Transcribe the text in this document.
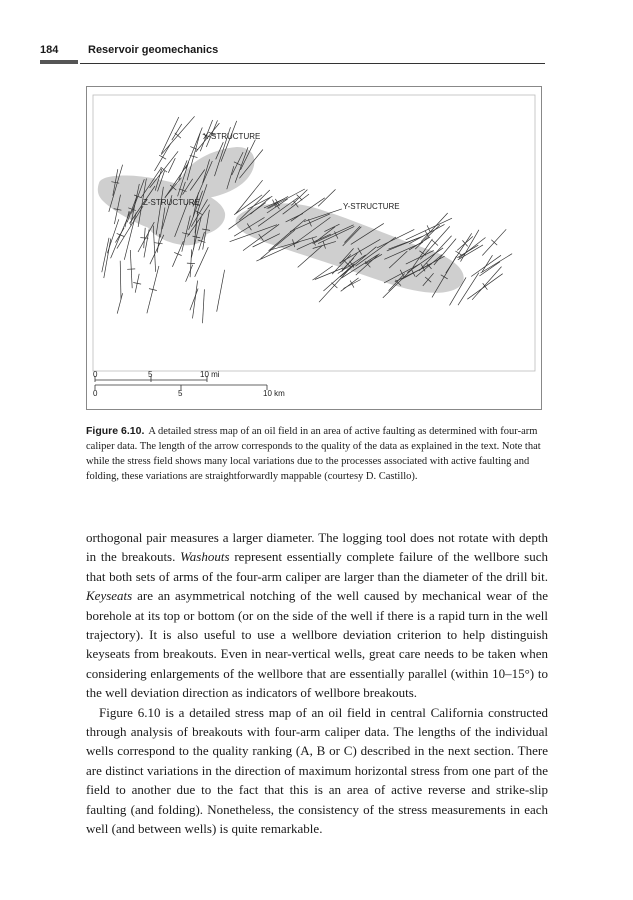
184	Reservoir geomechanics
X-STRUCTURE
Z-STRUCTURE	Y-STRUCTURE
0	5	10 mi
0	5	10 km
Figure 6.10. A detailed stress map of an oil field in an area of active faulting as determined with four-arm caliper data. The length of the arrow corresponds to the quality of the data as explained in the text. Note that while the stress field shows many local variations due to the processes associated with active faulting and folding, these variations are straightforwardly mappable (courtesy D. Castillo).

orthogonal pair measures a larger diameter. The logging tool does not rotate with depth in the breakouts. Washouts represent essentially complete failure of the wellbore such that both sets of arms of the four-arm caliper are larger than the diameter of the drill bit. Keyseats are an asymmetrical notching of the well caused by mechanical wear of the borehole at its top or bottom (or on the side of the well if there is a rapid turn in the well trajectory). It is also useful to use a wellbore deviation criterion to help distinguish keyseats from breakouts. Even in near-vertical wells, great care needs to be taken when considering enlargements of the wellbore that are essentially parallel (within 10–15°) to the well deviation direction as indicators of wellbore breakouts.

Figure 6.10 is a detailed stress map of an oil field in central California constructed through analysis of breakouts with four-arm caliper data. The lengths of the individual wells correspond to the quality ranking (A, B or C) described in the next section. There are distinct variations in the direction of maximum horizontal stress from one part of the field to another due to the fact that this is an area of active reverse and strike-slip faulting (and folding). Nonetheless, the consistency of the stress measurements in each well (and between wells) is quite remarkable.
